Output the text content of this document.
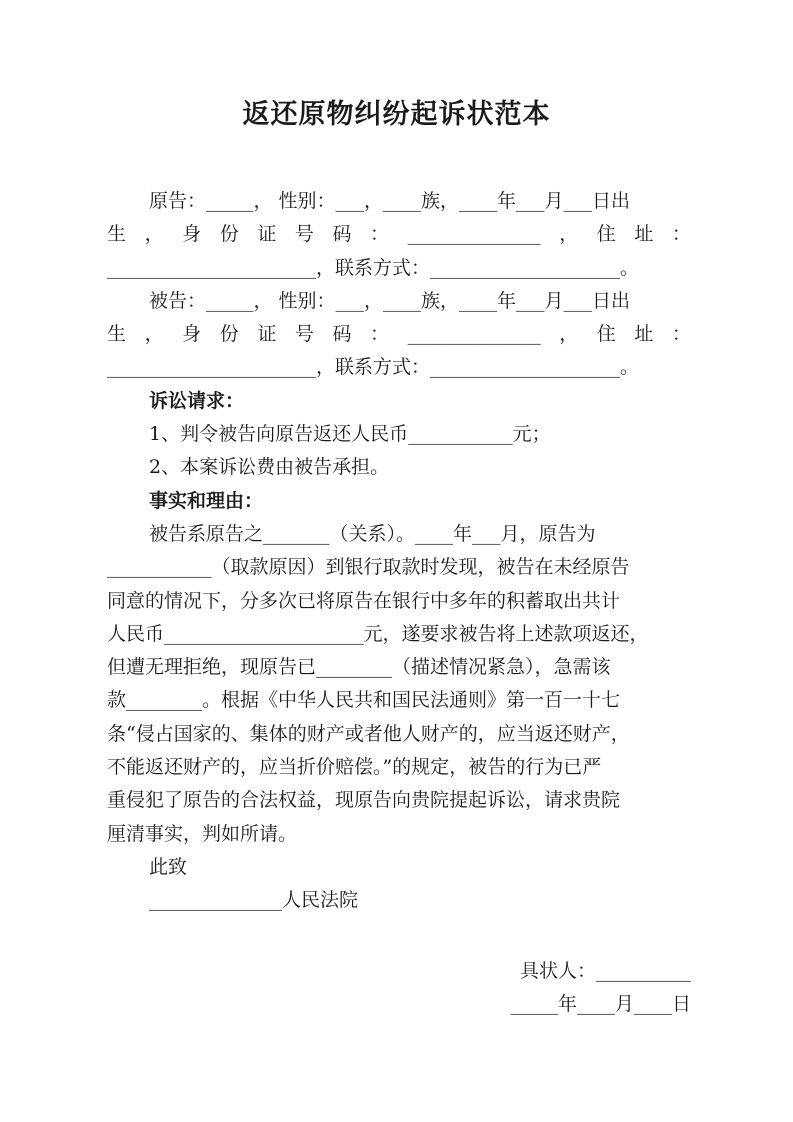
返还原物纠纷起诉状范本
原告：_____， 性别：___，____族，____年___月___日出
生 ， 身 份 证 号 码 ： ______________ ， 住 址 ：
______________________，联系方式：____________________。
被告：_____， 性别：___，____族，____年___月___日出
生 ， 身 份 证 号 码 ： ______________ ， 住 址 ：
______________________，联系方式：____________________。
诉讼请求：
1、判令被告向原告返还人民币___________元；
2、本案诉讼费由被告承担。
事实和理由：
被告系原告之_______（关系）。____年___月，原告为
___________（取款原因）到银行取款时发现，被告在未经原告
同意的情况下，分多次已将原告在银行中多年的积蓄取出共计
人民币_____________________元，遂要求被告将上述款项返还，
但遭无理拒绝，现原告已________（描述情况紧急），急需该
款________。根据《中华人民共和国民法通则》第一百一十七
条“侵占国家的、集体的财产或者他人财产的，应当返还财产，
不能返还财产的，应当折价赔偿。”的规定，被告的行为已严
重侵犯了原告的合法权益，现原告向贵院提起诉讼，请求贵院
厘清事实，判如所请。
此致
______________人民法院
具状人：__________
_____年____月____日
